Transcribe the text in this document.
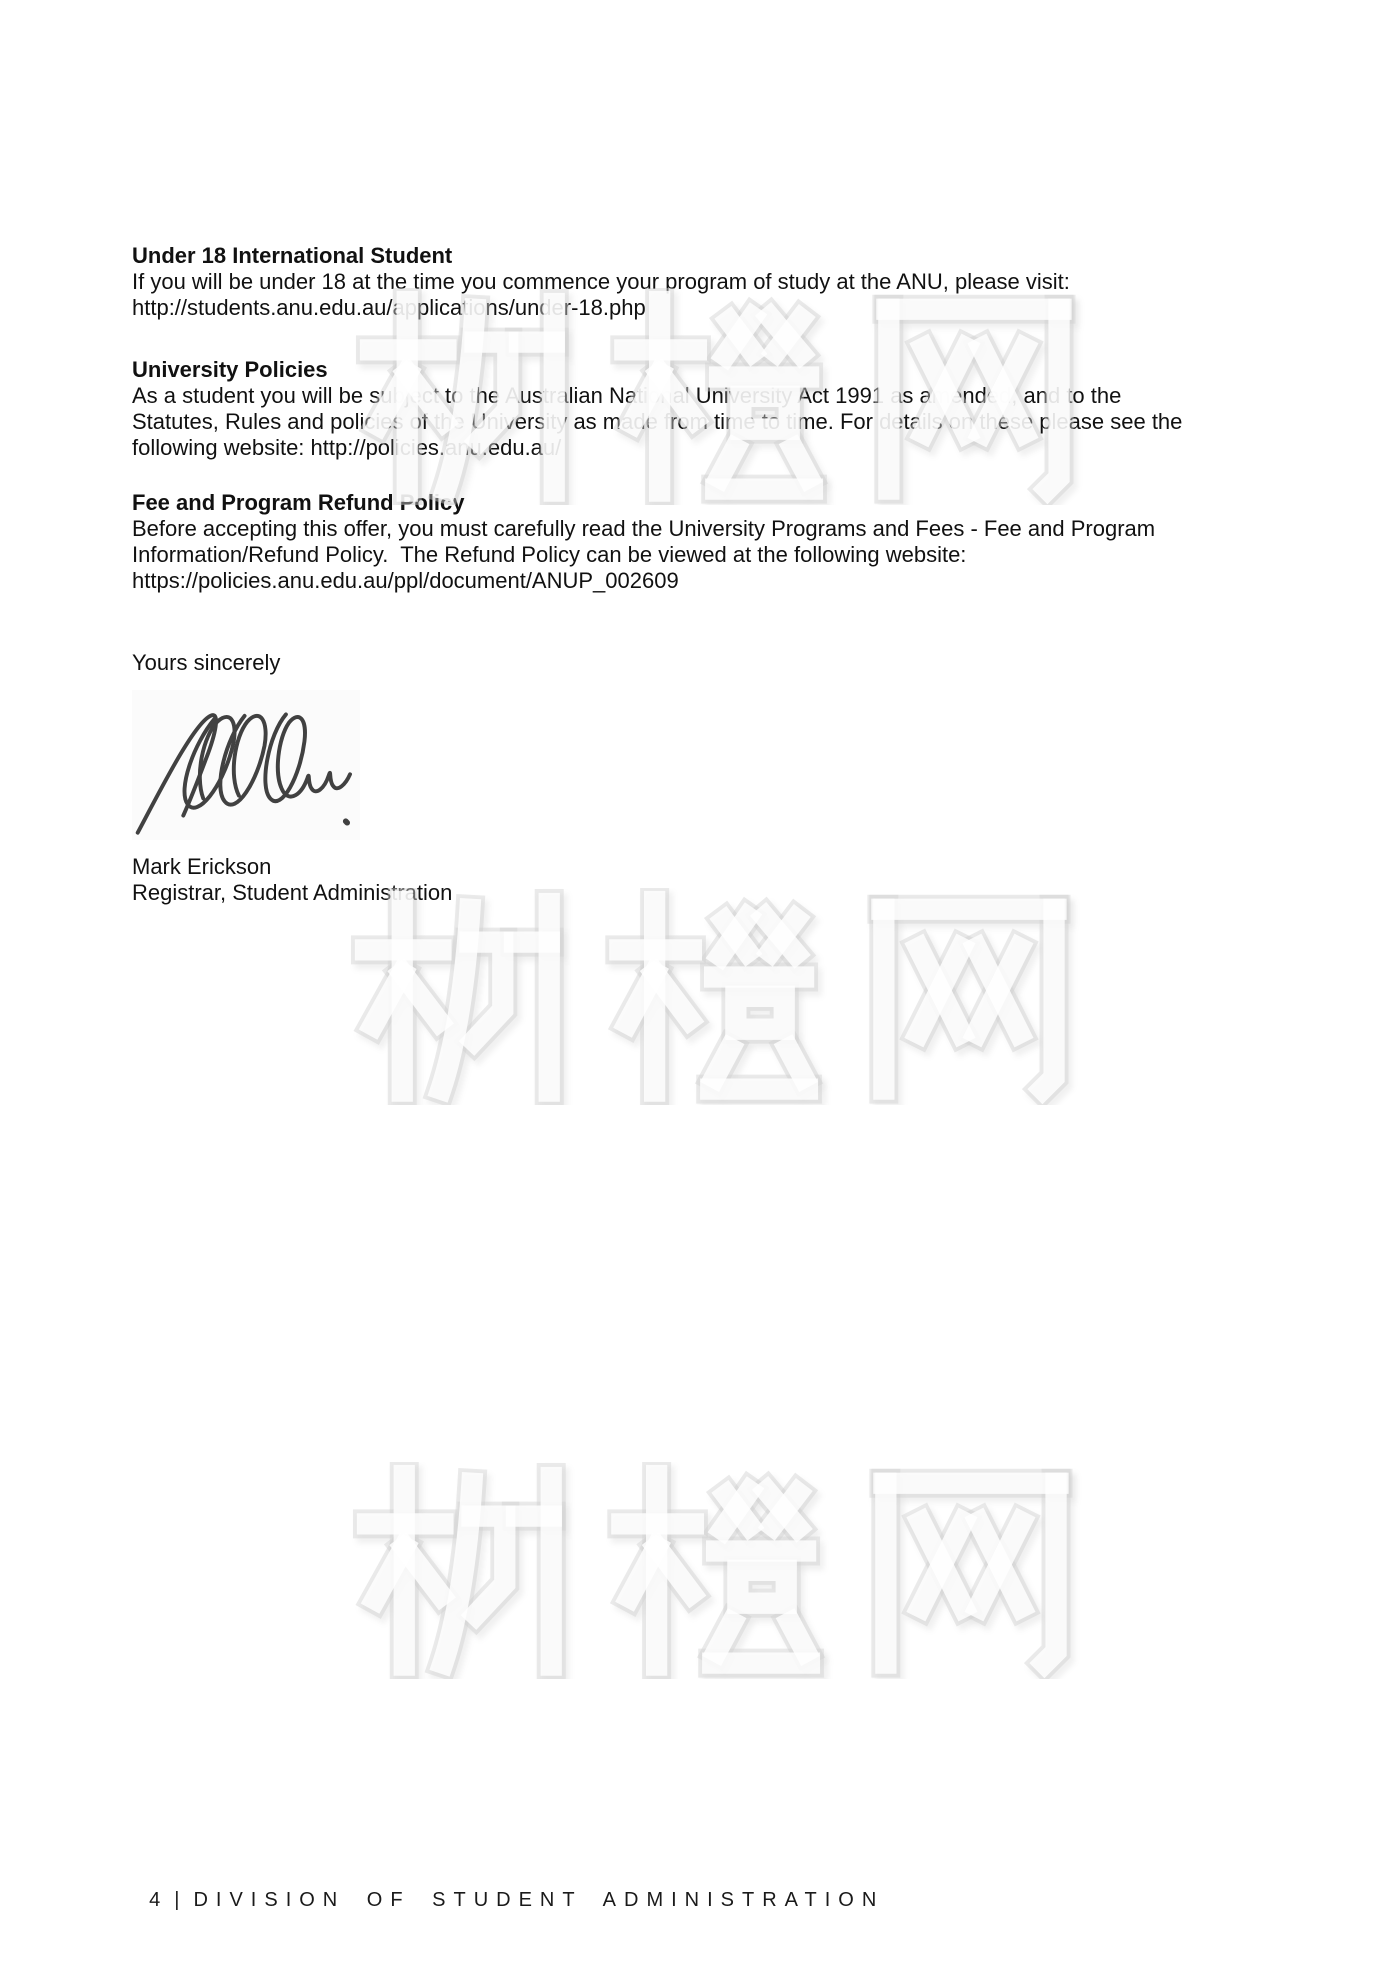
Under 18 International Student
If you will be under 18 at the time you commence your program of study at the ANU, please visit:
http://students.anu.edu.au/applications/under-18.php
University Policies
As a student you will be subject to the Australian National University Act 1991 as amended, and to the
Statutes, Rules and policies of the University as made from time to time. For details on these please see the
following website: http://policies.anu.edu.au/
Fee and Program Refund Policy
Before accepting this offer, you must carefully read the University Programs and Fees - Fee and Program
Information/Refund Policy.  The Refund Policy can be viewed at the following website:
https://policies.anu.edu.au/ppl/document/ANUP_002609
Yours sincerely
Mark Erickson
Registrar, Student Administration

4 | DIVISION OF STUDENT ADMINISTRATION
